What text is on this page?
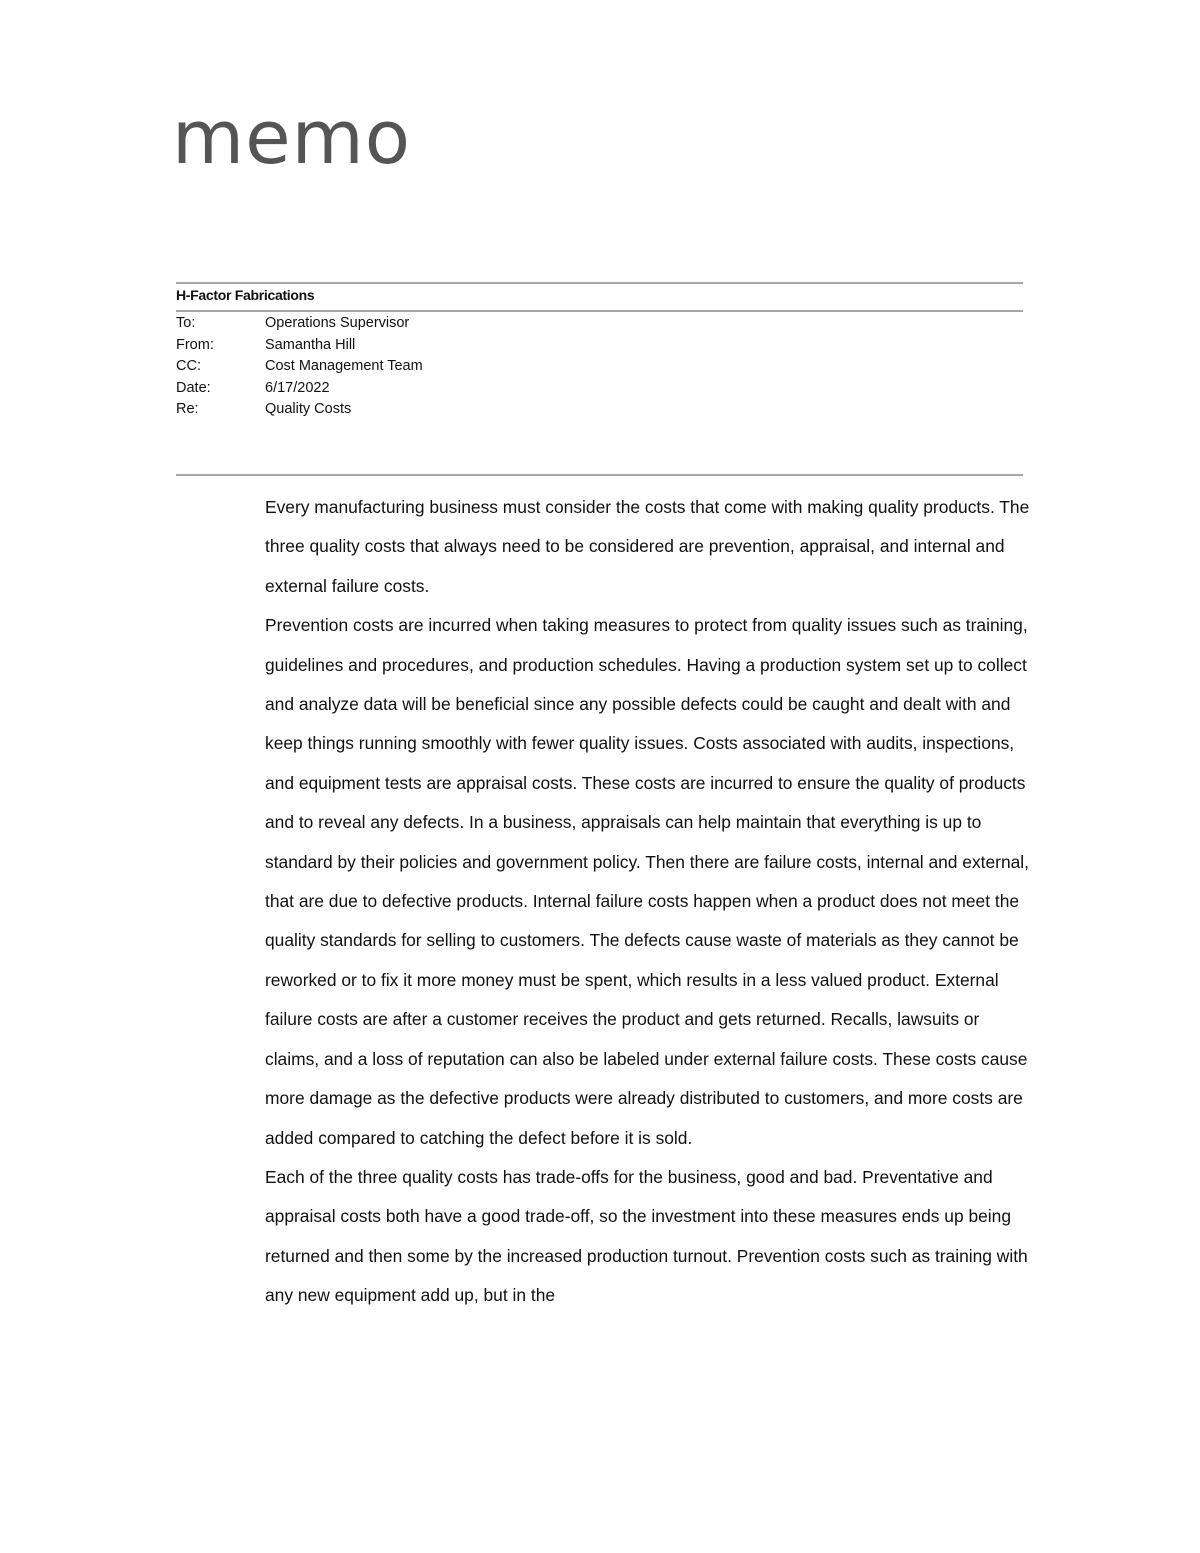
memo
H-Factor Fabrications
To:	Operations Supervisor
From:	Samantha Hill
CC:	Cost Management Team
Date:	6/17/2022
Re:	Quality Costs

Every manufacturing business must consider the costs that come with making quality products. The three quality costs that always need to be considered are prevention, appraisal, and internal and external failure costs.

Prevention costs are incurred when taking measures to protect from quality issues such as training, guidelines and procedures, and production schedules. Having a production system set up to collect and analyze data will be beneficial since any possible defects could be caught and dealt with and keep things running smoothly with fewer quality issues. Costs associated with audits, inspections, and equipment tests are appraisal costs. These costs are incurred to ensure the quality of products and to reveal any defects. In a business, appraisals can help maintain that everything is up to standard by their policies and government policy. Then there are failure costs, internal and external, that are due to defective products. Internal failure costs happen when a product does not meet the quality standards for selling to customers. The defects cause waste of materials as they cannot be reworked or to fix it more money must be spent, which results in a less valued product. External failure costs are after a customer receives the product and gets returned. Recalls, lawsuits or claims, and a loss of reputation can also be labeled under external failure costs. These costs cause more damage as the defective products were already distributed to customers, and more costs are added compared to catching the defect before it is sold.

Each of the three quality costs has trade-offs for the business, good and bad. Preventative and appraisal costs both have a good trade-off, so the investment into these measures ends up being returned and then some by the increased production turnout. Prevention costs such as training with any new equipment add up, but in the
